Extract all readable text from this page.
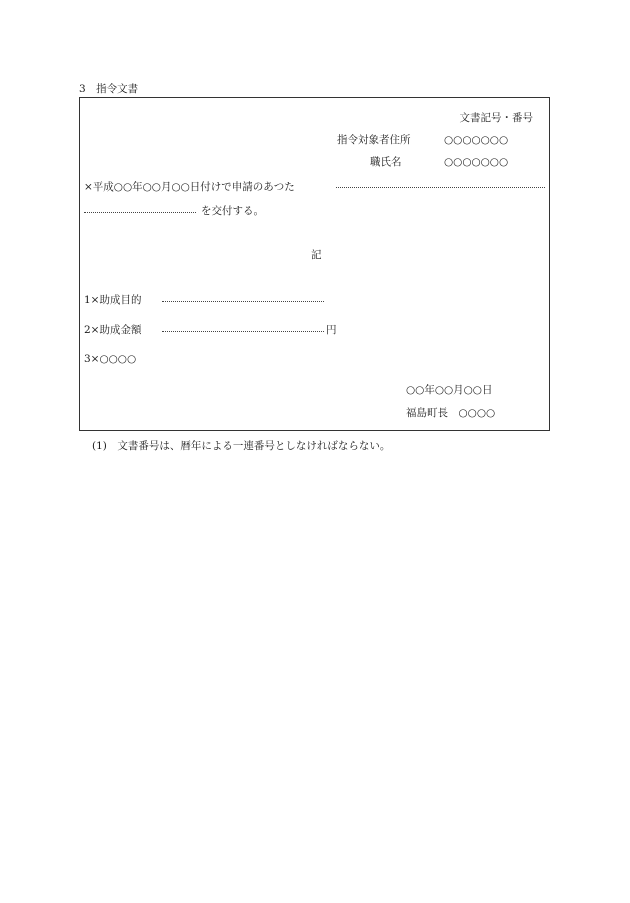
3　指令文書
文書記号・番号
指令対象者住所	○○○○○○○
職氏名	○○○○○○○
×平成○○年○○月○○日付けで申請のあつた
を交付する。
記
1×助成目的
2×助成金額	円
3×○○○○
○○年○○月○○日
福島町長　○○○○
(1)　文書番号は、暦年による一連番号としなければならない。
